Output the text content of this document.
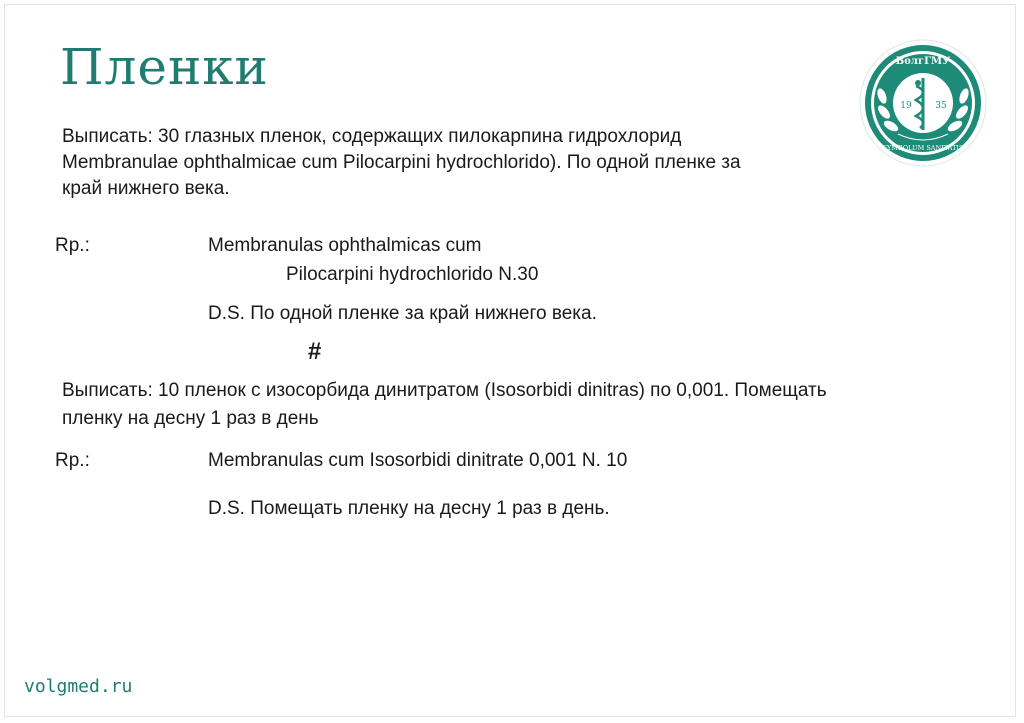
Пленки	ВолгГМУ
19	35
SYMBOLUM SANITATIS
Выписать: 30 глазных пленок, содержащих пилокарпина гидрохлорид
Membranulae ophthalmicae cum Pilocarpini hydrochlorido). По одной пленке за
край нижнего века.
Rp.:	Membranulas ophthalmicas cum
Pilocarpini hydrochlorido N.30
D.S. По одной пленке за край нижнего века.
#
Выписать: 10 пленок с изосорбида динитратом (Isosorbidi dinitras) по 0,001. Помещать
пленку на десну 1 раз в день
Rp.:	Membranulas cum Isosorbidi dinitrate 0,001 N. 10
D.S. Помещать пленку на десну 1 раз в день.
volgmed.ru
